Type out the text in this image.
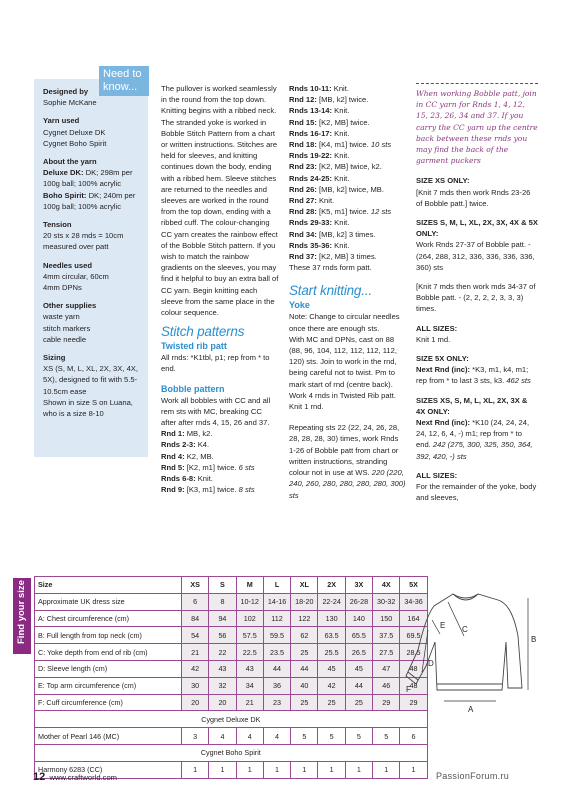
Need to
know...

Designed by

Sophie McKane

Yarn used

Cygnet Deluxe DK

Cygnet Boho Spirit

About the yarn

Deluxe DK: DK; 298m per 100g ball; 100% acrylic

Boho Spirit: DK; 240m per 100g ball; 100% acrylic

Tension

20 sts x 28 mds = 10cm measured over patt

Needles used

4mm circular, 60cm

4mm DPNs

Other supplies

waste yarn

stitch markers

cable needle

Sizing

XS (S, M, L, XL, 2X, 3X, 4X, 5X), designed to fit with 5.5-10.5cm ease

Shown in size S on Luana, who is a size 8-10

The pullover is worked seamlessly in the round from the top down. Knitting begins with a ribbed neck. The stranded yoke is worked in Bobble Stitch Pattern from a chart or written instructions. Stitches are held for sleeves, and knitting continues down the body, ending with a ribbed hem. Sleeve stitches are returned to the needles and sleeves are worked in the round from the top down, ending with a ribbed cuff. The colour-changing CC yarn creates the rainbow effect of the Bobble Stitch pattern. If you wish to match the rainbow gradients on the sleeves, you may find it helpful to buy an extra ball of CC yarn. Begin knitting each sleeve from the same place in the colour sequence.

Stitch patterns

Twisted rib patt

All rnds: *K1tbl, p1; rep from * to end.

Bobble pattern

Work all bobbles with CC and all rem sts with MC, breaking CC after after rnds 4, 15, 26 and 37.

Rnd 1: MB, k2.

Rnds 2-3: K4.

Rnd 4: K2, MB.

Rnd 5: [K2, m1] twice. 6 sts

Rnds 6-8: Knit.

Rnd 9: [K3, m1] twice. 8 sts

Rnds 10-11: Knit.

Rnd 12: [MB, k2] twice.

Rnds 13-14: Knit.

Rnd 15: [K2, MB] twice.

Rnds 16-17: Knit.

Rnd 18: [K4, m1] twice. 10 sts

Rnds 19-22: Knit.

Rnd 23: [K2, MB] twice, k2.

Rnds 24-25: Knit.

Rnd 26: [MB, k2] twice, MB.

Rnd 27: Knit.

Rnd 28: [K5, m1] twice. 12 sts

Rnds 29-33: Knit.

Rnd 34: [MB, k2] 3 times.

Rnds 35-36: Knit.

Rnd 37: [K2, MB] 3 times.

These 37 rnds form patt.

Start knitting...

Yoke

Note: Change to circular needles once there are enough sts.

With MC and DPNs, cast on 88 (88, 96, 104, 112, 112, 112, 112, 120) sts. Join to work in the rnd, being careful not to twist. Pm to mark start of rnd (centre back). Work 4 rnds in Twisted Rib patt. Knit 1 rnd.

Repeating sts 22 (22, 24, 26, 28, 28, 28, 28, 30) times, work Rnds 1-26 of Bobble patt from chart or written instructions, stranding colour not in use at WS. 220 (220, 240, 260, 280, 280, 280, 280, 300) sts

When working Bobble patt, join in CC yarn for Rnds 1, 4, 12, 15, 23, 26, 34 and 37. If you carry the CC yarn up the centre back between these rnds you may find the back of the garment puckers

SIZE XS ONLY:

[Knit 7 mds then work Rnds 23-26 of Bobble patt.] twice.

SIZES S, M, L, XL, 2X, 3X, 4X & 5X ONLY:

Work Rnds 27-37 of Bobble patt. - (264, 288, 312, 336, 336, 336, 336, 360) sts

[Knit 7 mds then work mds 34-37 of Bobble patt. - (2, 2, 2, 2, 3, 3, 3) times.

ALL SIZES:

Knit 1 md.

SIZE 5X ONLY:

Next Rnd (inc): *K3, m1, k4, m1; rep from * to last 3 sts, k3. 462 sts

SIZES XS, S, M, L, XL, 2X, 3X & 4X ONLY:

Next Rnd (inc): *K10 (24, 24, 24, 24, 12, 6, 4, -) m1; rep from * to end. 242 (275, 300, 325, 350, 364, 392, 420, -) sts

ALL SIZES:

For the remainder of the yoke, body and sleeves,

Find your size	Size	XS	S	M	L	XL	2X	3X	4X	5X
Approximate UK dress size	6	8	10-12	14-16	18-20	22-24	26-28	30-32	34-36
A: Chest circumference (cm)	84	94	102	112	122	130	140	150	164
B: Full length from top neck (cm)	54	56	57.5	59.5	62	63.5	65.5	37.5	69.5
C: Yoke depth from end of rib (cm)	21	22	22.5	23.5	25	25.5	26.5	27.5	28.5
D: Sleeve length (cm)	42	43	43	44	44	45	45	47	48
E: Top arm circumference (cm)	30	32	34	36	40	42	44	46	48
F: Cuff circumference (cm)	20	20	21	23	25	25	25	29	29
Cygnet Deluxe DK									
Mother of Pearl 146 (MC)	3	4	4	4	5	5	5	5	6
Cygnet Boho Spirit									
Harmony 6283 (CC)	1	1	1	1	1	1	1	1	1
A
B
C
D
E
F
12 www.craftworld.com	PassionForum.ru
